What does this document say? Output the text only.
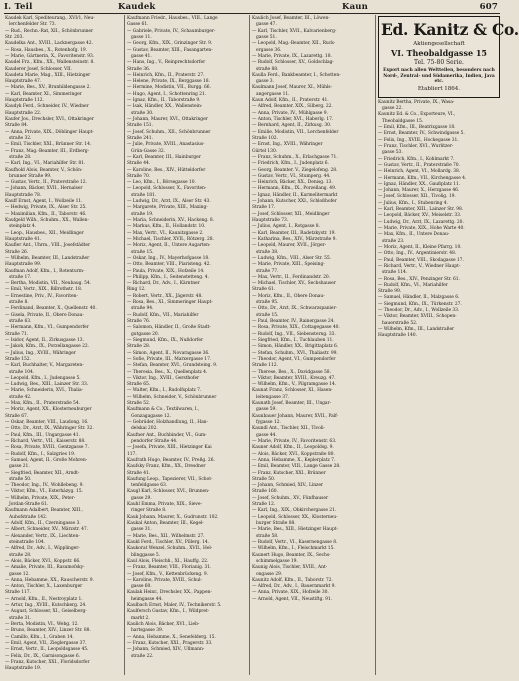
I. Teil	Kaudek	Kaun	607

Kaudek Karl, Spediteurang., XVI/1, Neu-

lerchenfelder Str. 73.

— Rud., Rechn.-Rat, XII., Schönbrunner

Str. 203.

Kaudelka Ant., XVIII., Lacknergasse 42.

— Rosa, Hausbes., X., Rotenhofg. 19.

— Marie, Gärtnerin, X., Favoritenstr. 93.

Kaudel Frz., Kfm., XX., Wallensteinstr. 8.

Kauderer Josef, Schlosser, VII.

Kaudeta Marie, Mag., XIII., Hietzinger

Hauptstraße 47.

— Marie, Bes., XV., Brunhildengasse 2.

— Karl, Beamter, XI., Simmeringer

Hauptstraße 112.

Kaudyk Ferd., Schneider, IV., Wiedner

Hauptstraße 22.

Kaufer Jos., Drechsler, XVI., Ottakringer

Straße 84.

— Anna, Private, XIX., Döblinger Haupt-

straße 32.

— Emil, Tischler, XXI., Brünner Str. 14.

— Franz, Mag.-Beamter, III., Erdberg-

straße 28.

— Karl, Ing., VI., Mariahilfer Str. 81.

Kaufhold Alois, Beamter, V., Schön-

brunner Straße 99.

— Gustav, Vertr., II., Praterstraße 12.

— Johann, Bäcker, XVII., Hernalser

Hauptstraße 78.

Kauff Ernst, Agent, I., Wollzeile 11.

— Hedwig, Private, IX., Alser Str. 25.

— Maximilian, Kfm., II., Taborstr. 46.

Kaufgeld Wilh., Schuhm., XX., Wallen-

steinplatz 4.

— Leop., Hausbes., XII., Meidlinger

Hauptstraße 41.

Kaufler Ant., Uhrm., VIII., Josefstädter

Straße 26.

— Wilhelm, Beamter, III., Landstraßer

Hauptstraße 99.

Kaufman Adolf, Kfm., I., Rotenturm-

straße 17.

— Bertha, Modistin, VII., Neubaug. 54.

— Emil, Vertr., XIX., Billrothstr. 18.

— Ernestine, Priv., IV., Favoriten-

straße 8.

— Ferdinand, Beamter, X., Quellenstr. 40.

— Gisela, Private, II., Obere Donau-

straße 63.

— Hermann, Kfm., VI., Gumpendorfer

Straße 71.

— Isidor, Agent, II., Zirkusgasse 13.

— Jakob, Kfm., IX., Porzellangasse 22.

— Julius, Ing., XVIII., Währinger

Straße 152.

— Karl, Buchhalter, V., Margareten-

straße 104.

— Leopold, Kfm., I., Judengasse 5.

— Ludwig, Bes., XIII., Lainzer Str. 33.

— Marie, Schneiderin, XVI., Thalia-

straße 42.

— Max, Kfm., II., Praterstraße 54.

— Moriz, Agent, XX., Klosterneuburger

Straße 67.

— Oskar, Beamter, VIII., Laudong. 16.

— Otto, Dr., Arzt, IX., Währinger Str. 32.

— Paul, Kfm., III., Ungargasse 41.

— Richard, Vertr., VII., Kaiserstr. 88.

— Rosa, Private, XVIII., Gentzgasse 7.

— Rudolf, Kfm., I., Salzgries 19.

— Samuel, Agent, II., Große Mohren-

gasse 21.

— Siegfried, Beamter, XII., Arndt-

straße 50.

— Theodor, Ing., IV., Wohllebeng. 9.

— Viktor, Kfm., VI., Esterházyg. 15.

— Wilhelm, Private, XIX., Peter-

Jordan-Straße 61.

Kaufmann Adalbert, Beamter, XIII.,

Auhofstraße 142.

— Adolf, Kfm., II., Czerningasse 3.

— Albert, Schneider, XV., Märzstr. 47.

— Alexander, Vertr., IX., Liechten-

steinstraße 104.

— Alfred, Dr., Adv., I., Wipplinger-

straße 28.

— Alois, Bäcker, XVI., Koppstr. 66.

— Amalie, Private, III., Rasumofsky-

gasse 12.

— Anna, Hebamme, XX., Rauscherstr. 9.

— Anton, Tischler, X., Laxenburger

Straße 117.

— Arnold, Kfm., II., Nestroyplatz 1.

— Artur, Ing., XVIII., Kutschkerg. 24.

— August, Schlosser, XI., Geiselberg-

straße 31.

— Berta, Modistin, VI., Webg. 12.

— Bruno, Beamter, XIV., Linzer Str. 88.

— Camillo, Kfm., I., Graben 14.

— Emil, Agent, VII., Zieglergasse 37.

— Ernst, Vertr., II., Leopoldsgasse 45.

— Felix, Dr., IX., Garnisongasse 6.

— Franz, Kutscher, XXI., Floridsdorfer

Hauptstraße 19.

Kaufmann Friedr., Hausbes., VIII., Lange

Gasse 61.

— Gabriele, Private, IV., Schaumburger-

gasse 11.

— Georg, Kfm., XIX., Grinzinger Str. 9.

— Gustav, Beamter, XIII., Fasangarten-

gasse 41.

— Hans, Ing., V., Reinprechtsdorfer

Straße 36.

— Heinrich, Kfm., II., Praterstr. 27.

— Helene, Private, IX., Berggasse 18.

— Hermine, Modistin, VII., Burgg. 66.

— Hugo, Agent, I., Schottenring 21.

— Ignaz, Kfm., II., Taborstraße 9.

— Isak, Händler, XX., Wallenstein-

straße 30.

— Johann, Maurer, XVI., Ottakringer

Straße 151.

— Josef, Schuhm., XII., Schönbrunner

Straße 241.

— Julie, Private, XVIII., Anastasius-

Grün-Gasse 32.

— Karl, Beamter, III., Hainburger

Straße 44.

— Karoline, Bes., XIV., Hütteldorfer

Straße 70.

— Leo, Kfm., I., Börsegasse 10.

— Leopold, Schlosser, X., Favoriten-

straße 181.

— Ludwig, Dr., Arzt, IX., Alser Str. 43.

— Margarete, Private, XIII., Maxing-

straße 19.

— Maria, Schneiderin, XV., Hackeng. 8.

— Markus, Kfm., II., Hollandstr. 10.

— Max, Vertr., VI., Kaunitzgasse 2.

— Michael, Tischler, XVII., Rötzerg. 28.

— Moriz, Agent, II., Untere Augarten-

straße 15.

— Oskar, Ing., IV., Mayerhofgasse 18.

— Otto, Beamter, VIII., Piaristeng. 42.

— Paula, Private, XIX., Hofzeile 14.

— Philipp, Kfm., I., Seitenstetteng. 4.

— Richard, Dr., Adv., I., Kärntner

Ring 12.

— Robert, Vertr., XX., Jägerstr. 48.

— Rosa, Bes., XI., Simmeringer Haupt-

straße 94.

— Rudolf, Kfm., VII., Mariahilfer

Straße 76.

— Salomon, Händler, II., Große Stadt-

gutgasse 20.

— Siegmund, Kfm., IX., Nußdorfer

Straße 28.

— Simon, Agent, II., Novaragasse 36.

— Sofie, Private, III., Marxergasse 17.

— Stefan, Beamter, XVI., Grundsteing. 9.

— Theresia, Bes., X., Quellenplatz 4.

— Viktor, Ing., XVIII., Gersthofer

Straße 65.

— Walter, Kfm., I., Rudolfsplatz 7.

— Wilhelm, Schneider, V., Schönbrunner

Straße 52.

Kaufmann & Co., Textilwaren, I.,

Gonzagagasse 12.

— Gebrüder, Holzhandlung, II., Han-

delskai 202.

Kaufner Ant., Buchbinder, VI., Gum-

pendorfer Straße 44.

— Josefa, Private, XIII., Hietzinger Kai

117.

Kaufrath Hugo, Beamter, IV., Preßg. 26.

Kaufsky Franz, Kfm., XX., Dresdner

Straße 41.

Kaufung Leop., Tapezierer, VII., Schot-

tenfeldgasse 63.

Kaugl Karl, Schlosser, XVI., Brunnen-

gasse 29.

Kauhl Emma, Private, XIX., Sieve-

ringer Straße 8.

Kauk Johann, Maurer, X., Gudrunstr. 102.

Kaukal Anton, Beamter, III., Kegel-

gasse 31.

— Marie, Bes., XII., Wilhelmstr. 27.

Kaukl Ferd., Tischler, XV., Pillerg. 14.

Kaukorat Wenzel, Schuhm., XVII., Hel-

blinggasse 5.

Kaul Alois, Fleischh., XI., Hauffg. 22.

— Franz, Beamter, VIII., Florianig. 31.

— Josef, Kfm., V., Kettenbrückeng. 9.

— Karoline, Private, XVIII., Schul-

gasse 60.

Kaulak Heinr., Drechsler, XX., Pappen-

heimgasse 44.

Kaulbach Ernst, Maler, IV., Technikerstr. 5.

Kaulfersch Gustav, Kfm., I., Wildpret-

markt 2.

Kaulich Alois, Bäcker, XVI., Lieb-

hartsgasse 39.

— Anna, Hebamme, X., Senefelderg. 15.

— Franz, Kutscher, XXI., Pragerstr. 33.

— Johann, Schmied, XIV., Ullmann-

straße 22.

Kaulich Josef, Beamter, III., Löwen-

gasse 47.

— Karl, Tischler, XVII., Kalvarienberg-

gasse 51.

— Leopold, Mag.-Beamter, XII., Ruck-

ergasse 36.

— Marie, Private, IX., Lazarettg. 18.

— Rudolf, Schlosser, XV., Goldschlag-

straße 88.

Kaulla Ferd., Bankbeamter, I., Schotten-

gasse 3.

Kaulmann Josef, Maurer, XI., Mühls-

angergasse 11.

Kaun Adolf, Kfm., II., Praterstr. 41.

— Alfred, Beamter, XIX., Silberg. 22.

— Anna, Private, IV., Mühlgasse 9.

— Anton, Tischler, XVI., Haberlg. 17.

— Bernhard, Agent, II., Zirkusg. 30.

— Emilie, Modistin, VII., Lerchenfelder

Straße 102.

— Ernst, Ing., XVIII., Währinger

Gürtel 130.

— Franz, Schuhm., X., Erlachgasse 71.

— Friedrich, Kfm., I., Judenplatz 6.

— Georg, Beamter, V., Ziegelofeng. 28.

— Gustav, Vertr., VI., Stumperg. 44.

— Heinrich, Bäcker, XX., Denisg. 13.

— Hermann, Kfm., IX., Porzellang. 49.

— Ignaz, Händler, II., Karmelitermarkt

— Johann, Kutscher, XXI., Schloßhofer

Straße 17.

— Josef, Schlosser, XII., Meidlinger

Hauptstraße 73.

— Julius, Agent, I., Rotgasse 8.

— Karl, Beamter, III., Radetzkystr. 19.

— Katharina, Bes., XIV., Märzstraße 9.

— Leopold, Maurer, XVII., Jörger-

straße 38.

— Ludwig, Kfm., VIII., Alser Str. 55.

— Marie, Private, XIII., Speising-

straße 77.

— Max, Vertr., II., Ferdinandstr. 20.

— Michael, Tischler, XV., Sechshauser

Straße 61.

— Moriz, Kfm., II., Obere Donau-

straße 95.

— Otto, Dr., Arzt, IX., Schwarzspanier-

straße 15.

— Paul, Beamter, IV., Rainergasse 24.

— Rosa, Private, XIX., Cottagegasse 40.

— Rudolf, Ing., VII., Siebensterng. 33.

— Siegfried, Kfm., I., Tuchlauben 11.

— Simon, Händler, XX., Brigittaplatz 6.

— Stefan, Schuhm., XVI., Thaliastr. 99.

— Theodor, Agent, VI., Gumpendorfer

Straße 112.

— Therese, Bes., X., Davidgasse 58.

— Viktor, Beamter, XVIII., Kreuzg. 47.

— Wilhelm, Kfm., V., Pilgramgasse 14.

Kaunat Franz, Schlosser, XI., Hasen-

leitengasse 37.

Kaunath Josef, Beamter, III., Ungar-

gasse 59.

Kaunbauer Johann, Maurer, XVII., Palf-

fygasse 12.

Kaundl Ant., Tischler, XII., Tivoli-

gasse 44.

— Marie, Private, IV., Favoritenstr. 63.

Kauner Adolf, Kfm., II., Leopoldsg. 9.

— Alois, Bäcker, XVI., Koppstraße 80.

— Anna, Hebamme, X., Keplerplatz 7.

— Emil, Beamter, VIII., Lange Gasse 28.

— Franz, Kutscher, XXI., Brünner

Straße 50.

— Johann, Schmied, XIV., Linzer

Straße 160.

— Josef, Schuhm., XV., Fünfhauser

Straße 12.

— Karl, Ing., XIX., Obkirchergasse 21.

— Leopold, Schlosser, XX., Klosterneu-

burger Straße 88.

— Marie, Bes., XIII., Hietzinger Haupt-

straße 58.

— Rudolf, Vertr., VI., Kasernengasse 8.

— Wilhelm, Kfm., I., Fleischmarkt 15.

Kaunert Hugo, Beamter, IX., Sechs-

schimmelgasse 19.

Kaunig Alois, Tischler, XVIII., Ant-

ongasse 29.

Kaunitz Adolf, Kfm., II., Taborstr. 72.

— Alfred, Dr., Adv., I., Bauernmarkt 9.

— Anna, Private, XIX., Hofzeile 30.

— Arnold, Agent, VII., Neustiftg. 91.

Ed. Kanitz & Co.
Aktiengesellschaft
VI. Theobaldgasse 15
Tel. 75-80 Serie.
Export nach allen Weltteilen, besonders nach Nord-, Zentral- und Südamerika, Indien, Java etc.
Etabliert 1864.

Kaunitz Bertha, Private, IX., Wasa-

gasse 22.

Kaunitz Ed. & Co., Exporteure, VI.,

Theobaldgasse 15.

— Emil, Kfm., III., Beatrixgasse 18.

— Ernst, Beamter, IV., Schwindgasse 5.

— Felix, Ing., XVIII., Hockegasse 31.

— Franz, Tischler, XVI., Wurlitzer-

gasse 53.

— Friedrich, Kfm., I., Kohlmarkt 7.

— Gustav, Vertr., II., Praterstraße 70.

— Heinrich, Agent, VI., Mollardg. 38.

— Hermann, Kfm., VII., Kirchengasse 4.

— Ignaz, Händler, XX., Gaußplatz 11.

— Johann, Maurer, X., Herzgasse 46.

— Josef, Schlosser, XII., Tivolig. 19.

— Julius, Kfm., I., Stubenring 4.

— Karl, Beamter, XIII., Lainzer Str. 98.

— Leopold, Bäcker, XV., Meiselstr. 33.

— Ludwig, Dr., Arzt, IX., Lazarettg. 20.

— Marie, Private, XIX., Hohe Warte 40.

— Max, Kfm., II., Untere Donau-

straße 23.

— Moriz, Agent, II., Kleine Pfarrg. 10.

— Otto, Ing., IV., Argentinierstr. 48.

— Paul, Beamter, VIII., Skodagasse 17.

— Richard, Vertr., V., Wiedner Haupt-

straße 114.

— Rosa, Bes., XIV., Penzinger Str. 61.

— Rudolf, Kfm., VI., Mariahilfer

Straße 99.

— Samuel, Händler, II., Malzgasse 6.

— Siegmund, Kfm., IX., Türkenstr. 27.

— Theodor, Dr., Adv., I., Wollzeile 33.

— Viktor, Beamter, XVIII., Schopen-

hauerstraße 52.

— Wilhelm, Kfm., III., Landstraßer

Hauptstraße 140.
